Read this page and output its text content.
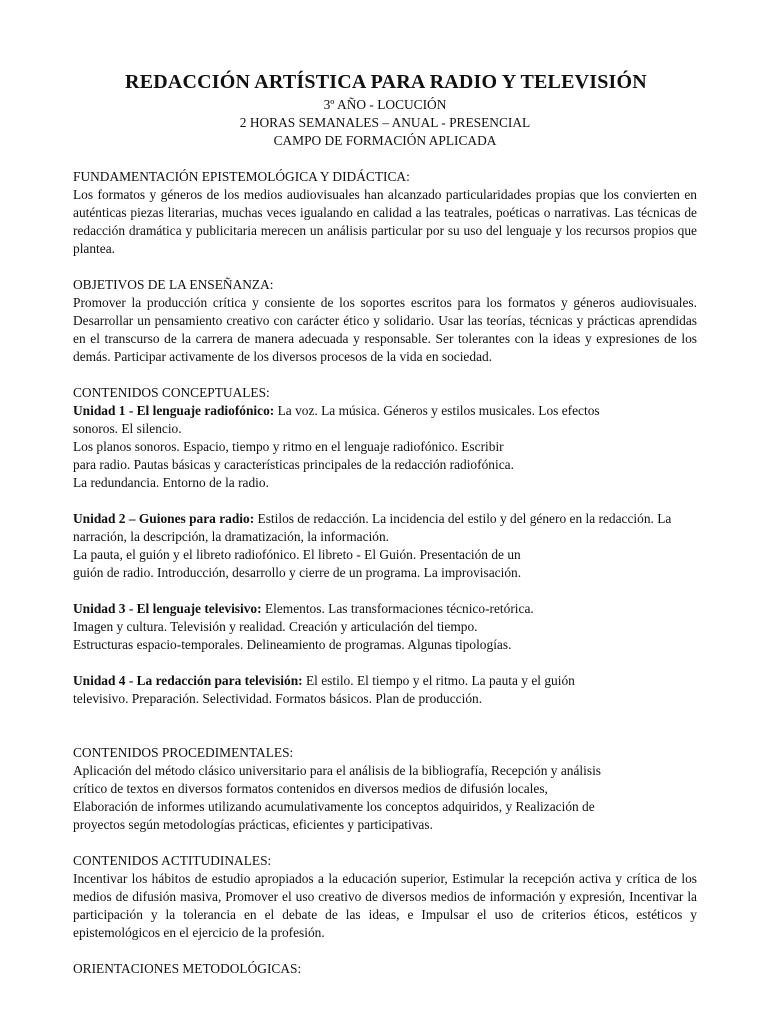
REDACCIÓN ARTÍSTICA PARA RADIO Y TELEVISIÓN
3º AÑO - LOCUCIÓN
2 HORAS SEMANALES – ANUAL - PRESENCIAL
CAMPO DE FORMACIÓN APLICADA
FUNDAMENTACIÓN EPISTEMOLÓGICA Y DIDÁCTICA:
Los formatos y géneros de los medios audiovisuales han alcanzado particularidades propias que los convierten en auténticas piezas literarias, muchas veces igualando en calidad a las teatrales, poéticas o narrativas. Las técnicas de redacción dramática y publicitaria merecen un análisis particular por su uso del lenguaje y los recursos propios que plantea.
OBJETIVOS DE LA ENSEÑANZA:
Promover la producción crítica y consiente de los soportes escritos para los formatos y géneros audiovisuales. Desarrollar un pensamiento creativo con carácter ético y solidario. Usar las teorías, técnicas y prácticas aprendidas en el transcurso de la carrera de manera adecuada y responsable. Ser tolerantes con la ideas y expresiones de los demás. Participar activamente de los diversos procesos de la vida en sociedad.
CONTENIDOS CONCEPTUALES:
Unidad 1 - El lenguaje radiofónico: La voz. La música. Géneros y estilos musicales. Los efectos
sonoros. El silencio.
Los planos sonoros. Espacio, tiempo y ritmo en el lenguaje radiofónico. Escribir
para radio. Pautas básicas y características principales de la redacción radiofónica.
La redundancia. Entorno de la radio.
Unidad 2 – Guiones para radio: Estilos de redacción. La incidencia del estilo y del género en la redacción. La
narración, la descripción, la dramatización, la información.
La pauta, el guión y el libreto radiofónico. El libreto - El Guión. Presentación de un
guión de radio. Introducción, desarrollo y cierre de un programa. La improvisación.
Unidad 3 - El lenguaje televisivo: Elementos. Las transformaciones técnico-retórica.
Imagen y cultura. Televisión y realidad. Creación y articulación del tiempo.
Estructuras espacio-temporales. Delineamiento de programas. Algunas tipologías.
Unidad 4 - La redacción para televisión: El estilo. El tiempo y el ritmo. La pauta y el guión
televisivo. Preparación. Selectividad. Formatos básicos. Plan de producción.
CONTENIDOS PROCEDIMENTALES:
Aplicación del método clásico universitario para el análisis de la bibliografía, Recepción y análisis
crítico de textos en diversos formatos contenidos en diversos medios de difusión locales,
Elaboración de informes utilizando acumulativamente los conceptos adquiridos, y Realización de
proyectos según metodologías prácticas, eficientes y participativas.
CONTENIDOS ACTITUDINALES:
Incentivar los hábitos de estudio apropiados a la educación superior, Estimular la recepción activa y crítica de los medios de difusión masiva, Promover el uso creativo de diversos medios de información y expresión, Incentivar la participación y la tolerancia en el debate de las ideas, e Impulsar el uso de criterios éticos, estéticos y epistemológicos en el ejercicio de la profesión.
ORIENTACIONES METODOLÓGICAS:
